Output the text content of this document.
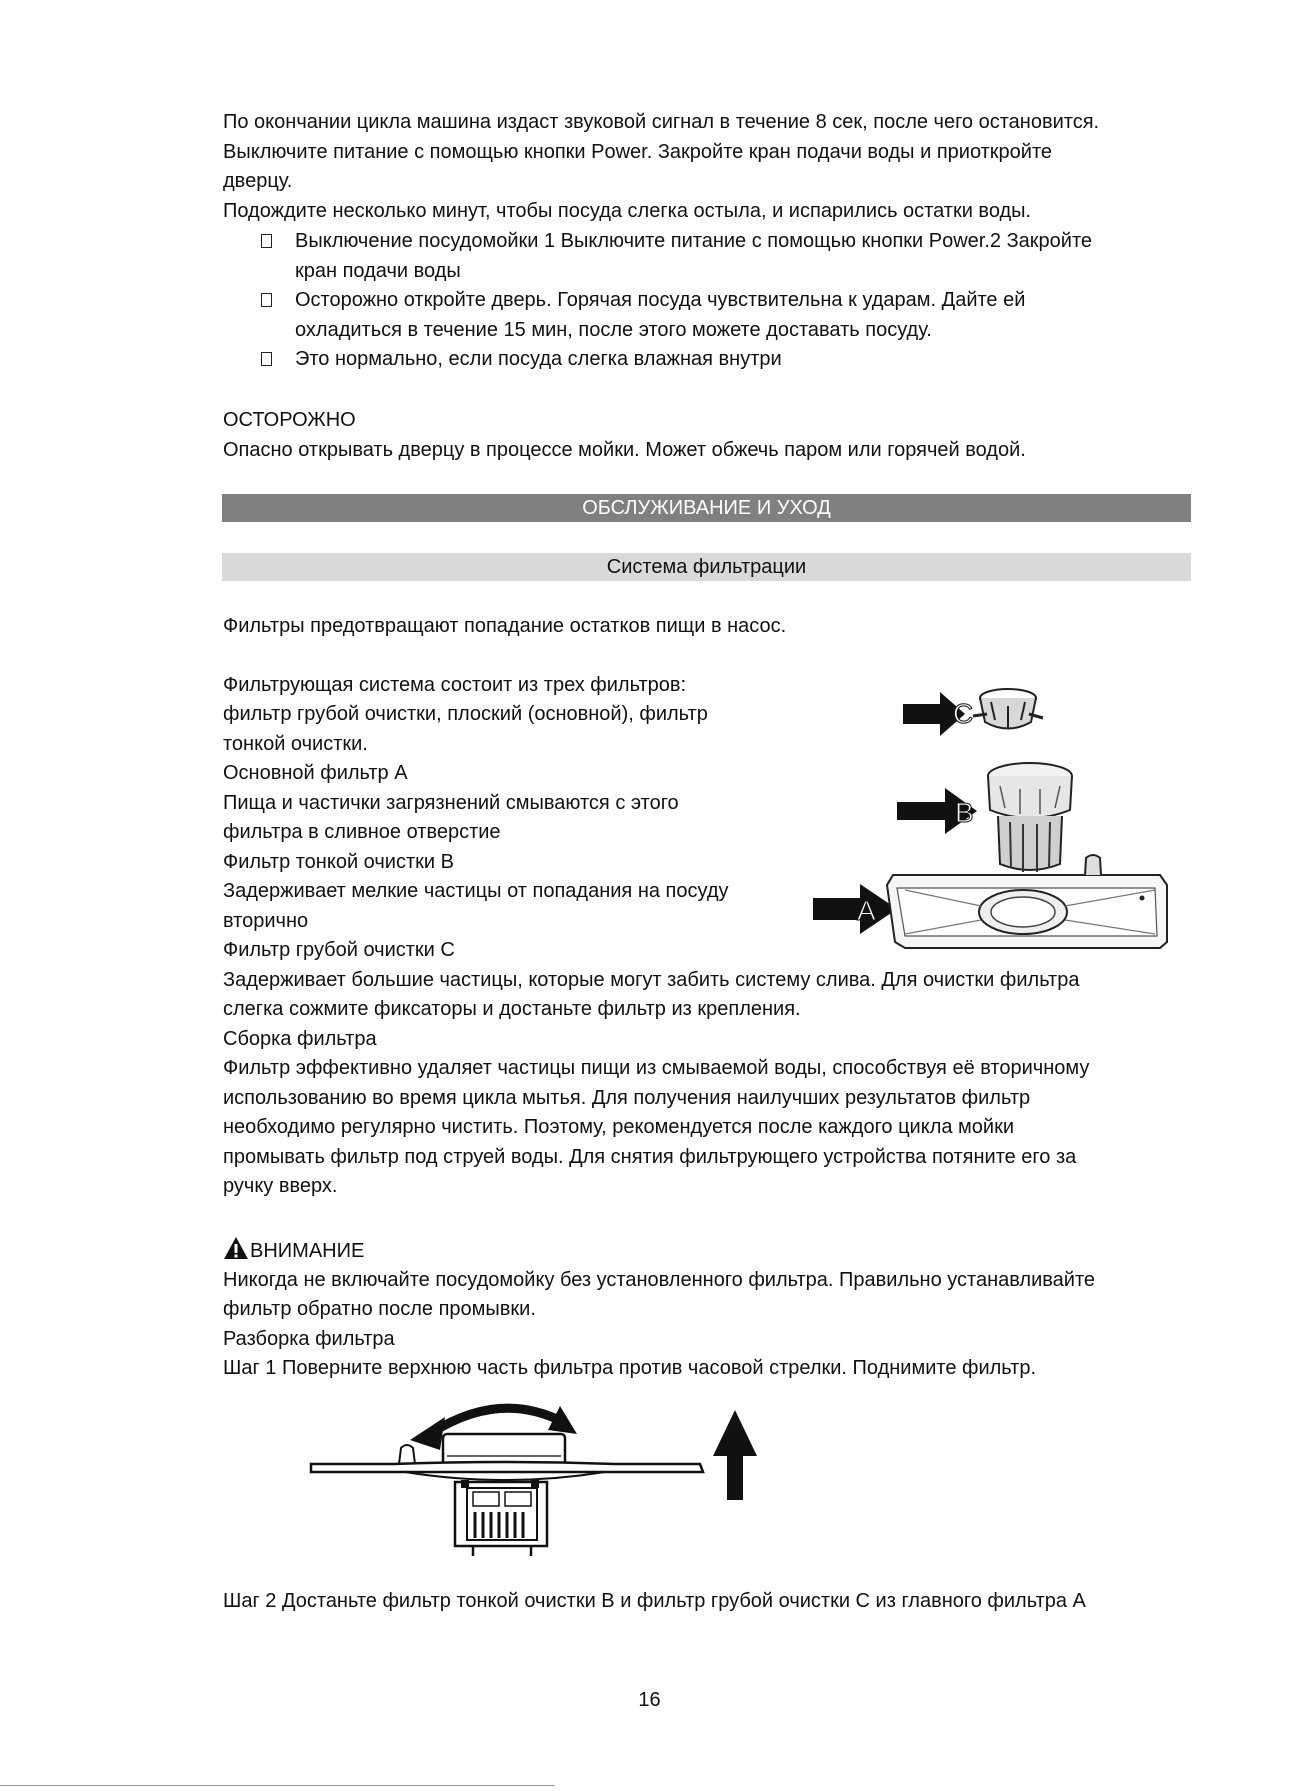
По окончании цикла машина издаст звуковой сигнал в течение 8 сек, после чего остановится.
Выключите питание с помощью кнопки Power. Закройте кран подачи воды и приоткройте
дверцу.
Подождите несколько минут, чтобы посуда слегка остыла, и испарились остатки воды.
Выключение посудомойки 1 Выключите питание с помощью кнопки Power.2 Закройте
кран подачи воды
Осторожно откройте дверь. Горячая посуда чувствительна к ударам. Дайте ей
охладиться в течение 15 мин, после этого можете доставать посуду.
Это нормально, если посуда слегка влажная внутри
ОСТОРОЖНО
Опасно открывать дверцу в процессе мойки. Может обжечь паром или горячей водой.
ОБСЛУЖИВАНИЕ И УХОД
Система фильтрации
Фильтры предотвращают попадание остатков пищи в насос.
Фильтрующая система состоит из трех фильтров:
фильтр грубой очистки, плоский (основной), фильтр
тонкой очистки.
Основной фильтр A
Пища и частички загрязнений смываются с этого
фильтра в сливное отверстие
Фильтр тонкой очистки B
Задерживает мелкие частицы от попадания на посуду
вторично
Фильтр грубой очистки C
C
B
A
Задерживает большие частицы, которые могут забить систему слива. Для очистки фильтра
слегка сожмите фиксаторы и достаньте фильтр из крепления.
Сборка фильтра
Фильтр эффективно удаляет частицы пищи из смываемой воды, способствуя её вторичному
использованию во время цикла мытья. Для получения наилучших результатов фильтр
необходимо регулярно чистить. Поэтому, рекомендуется после каждого цикла мойки
промывать фильтр под струей воды. Для снятия фильтрующего устройства потяните его за
ручку вверх.
ВНИМАНИЕ
Никогда не включайте посудомойку без установленного фильтра. Правильно устанавливайте
фильтр обратно после промывки.
Разборка фильтра
Шаг 1 Поверните верхнюю часть фильтра против часовой стрелки. Поднимите фильтр.
Шаг 2 Достаньте фильтр тонкой очистки B и фильтр грубой очистки C из главного фильтра A
16
